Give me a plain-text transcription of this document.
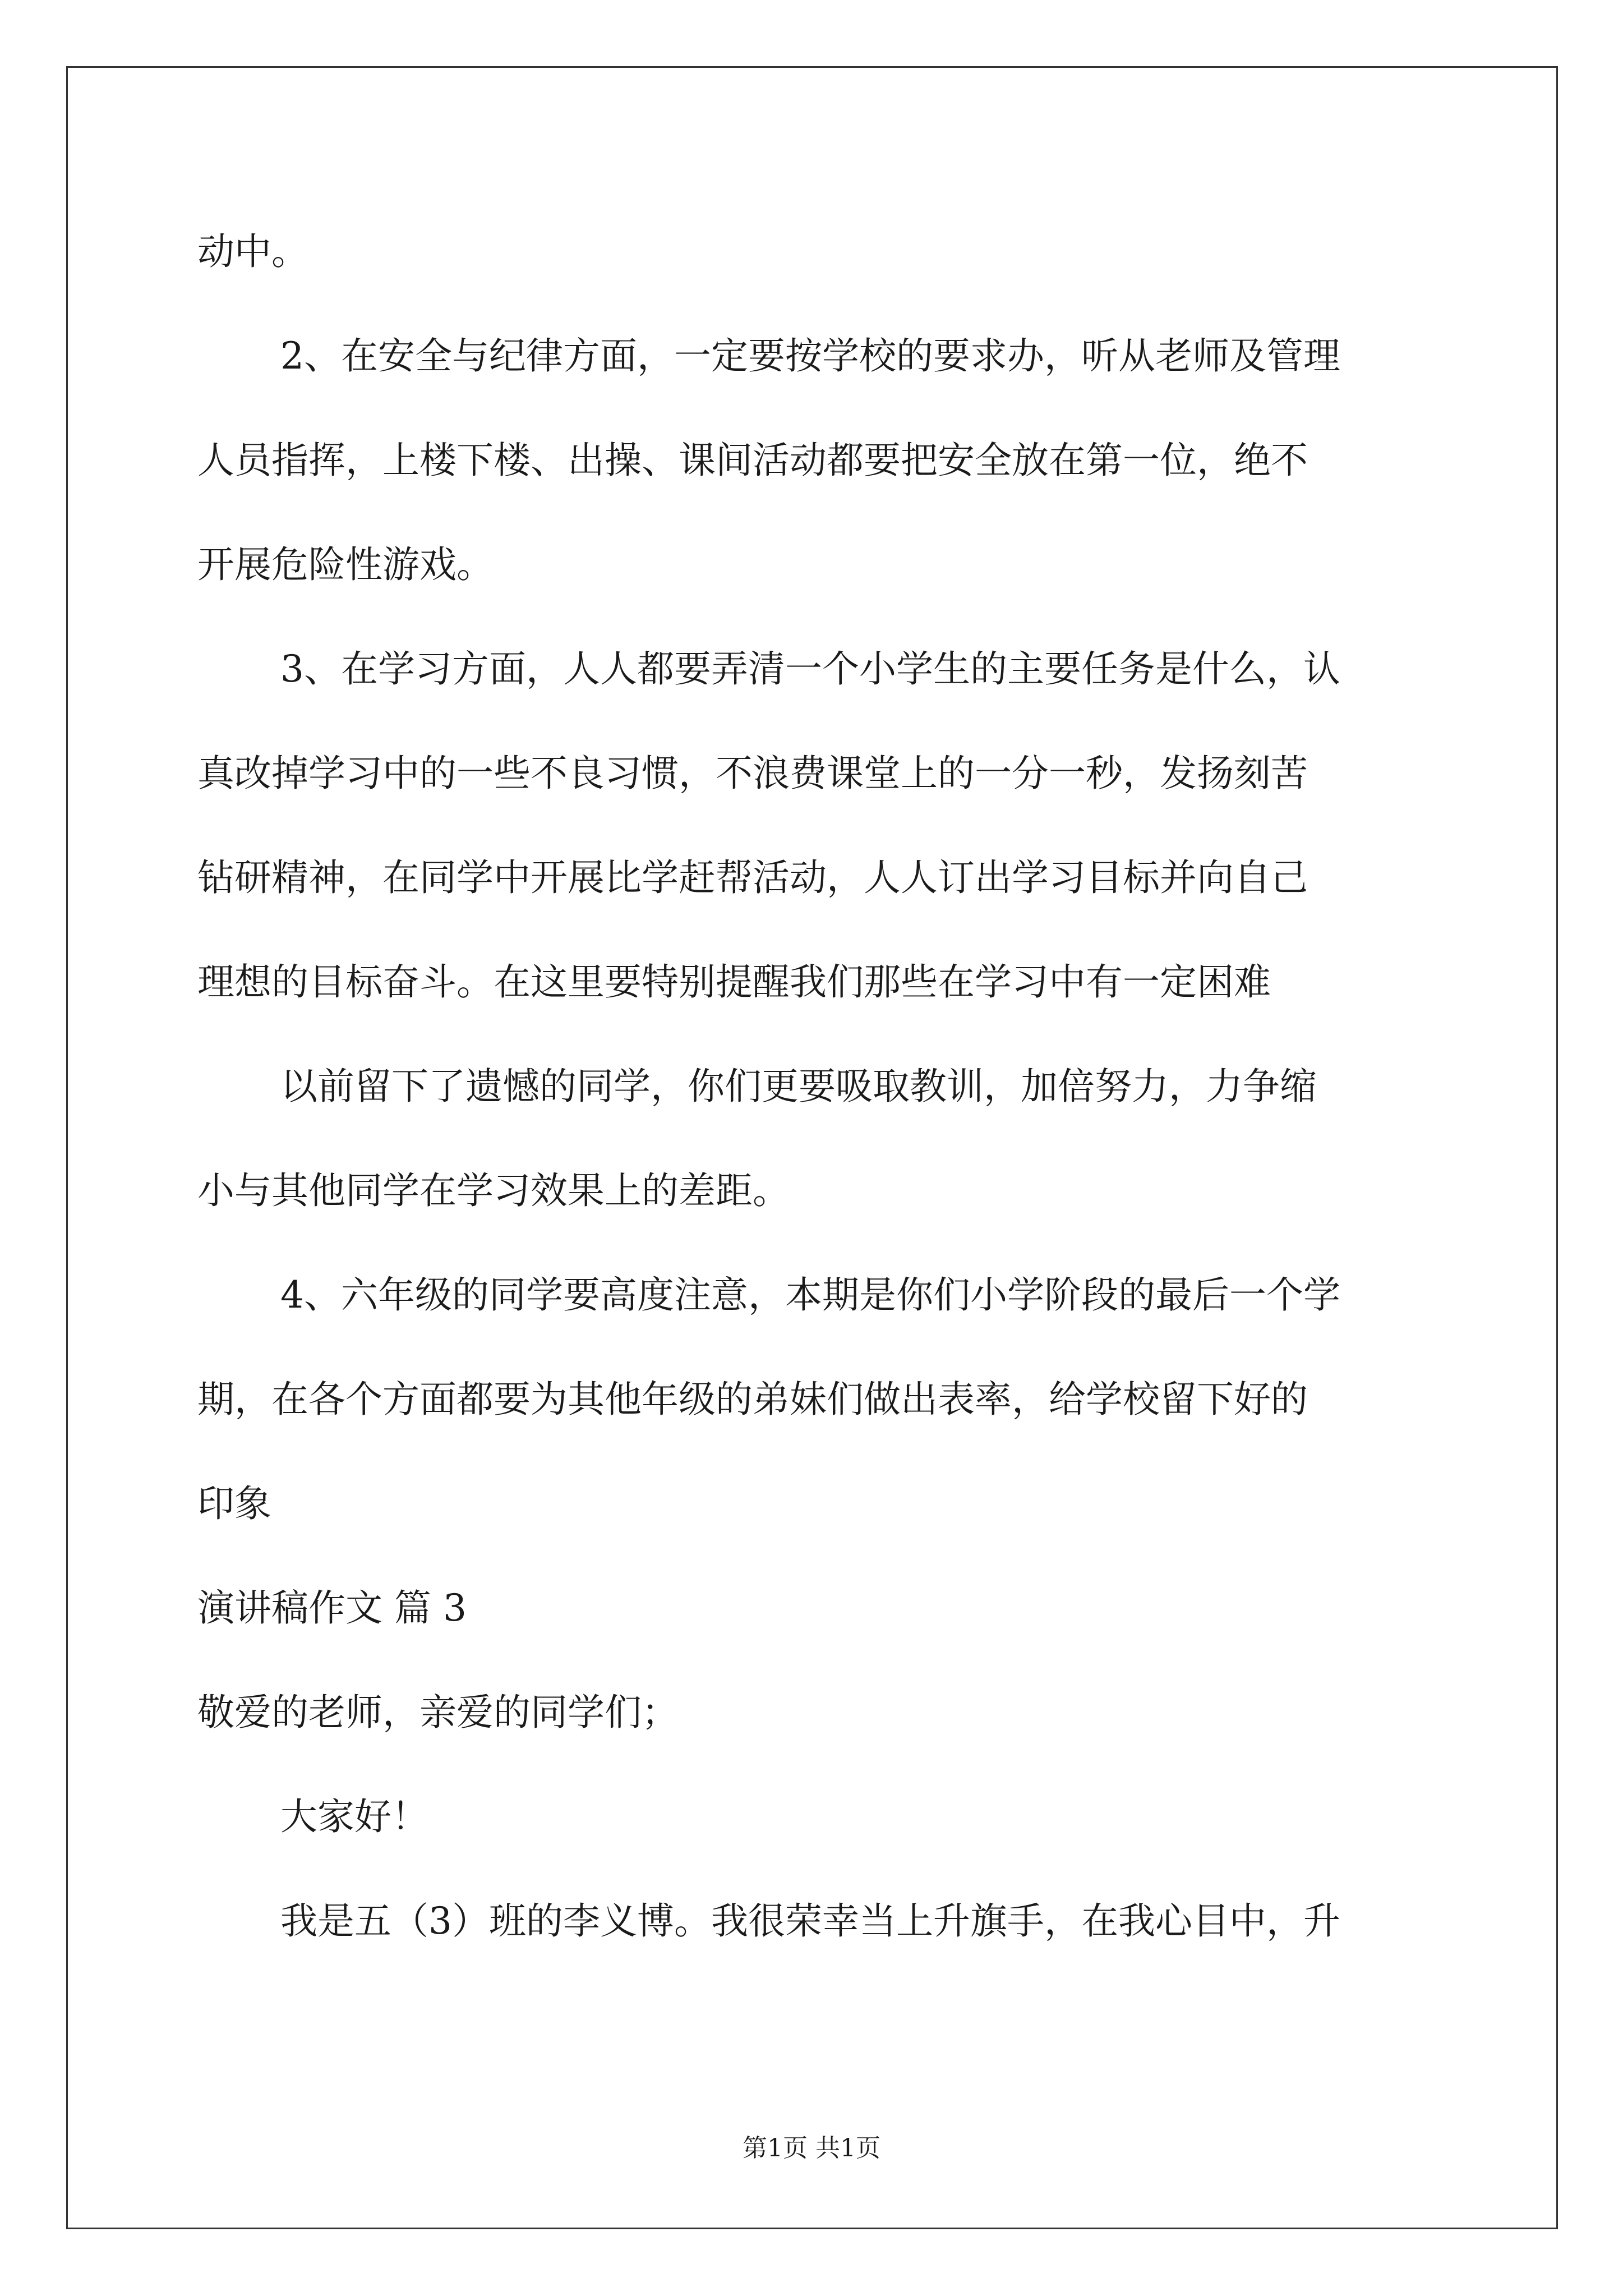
动中。
2、在安全与纪律方面，一定要按学校的要求办，听从老师及管理
人员指挥，上楼下楼、出操、课间活动都要把安全放在第一位，绝不
开展危险性游戏。
3、在学习方面，人人都要弄清一个小学生的主要任务是什么，认
真改掉学习中的一些不良习惯，不浪费课堂上的一分一秒，发扬刻苦
钻研精神，在同学中开展比学赶帮活动，人人订出学习目标并向自己
理想的目标奋斗。在这里要特别提醒我们那些在学习中有一定困难
以前留下了遗憾的同学，你们更要吸取教训，加倍努力，力争缩
小与其他同学在学习效果上的差距。
4、六年级的同学要高度注意，本期是你们小学阶段的最后一个学
期，在各个方面都要为其他年级的弟妹们做出表率，给学校留下好的
印象
演讲稿作文 篇 3
敬爱的老师，亲爱的同学们；
大家好！
我是五（3）班的李义博。我很荣幸当上升旗手，在我心目中，升
第1页 共1页
